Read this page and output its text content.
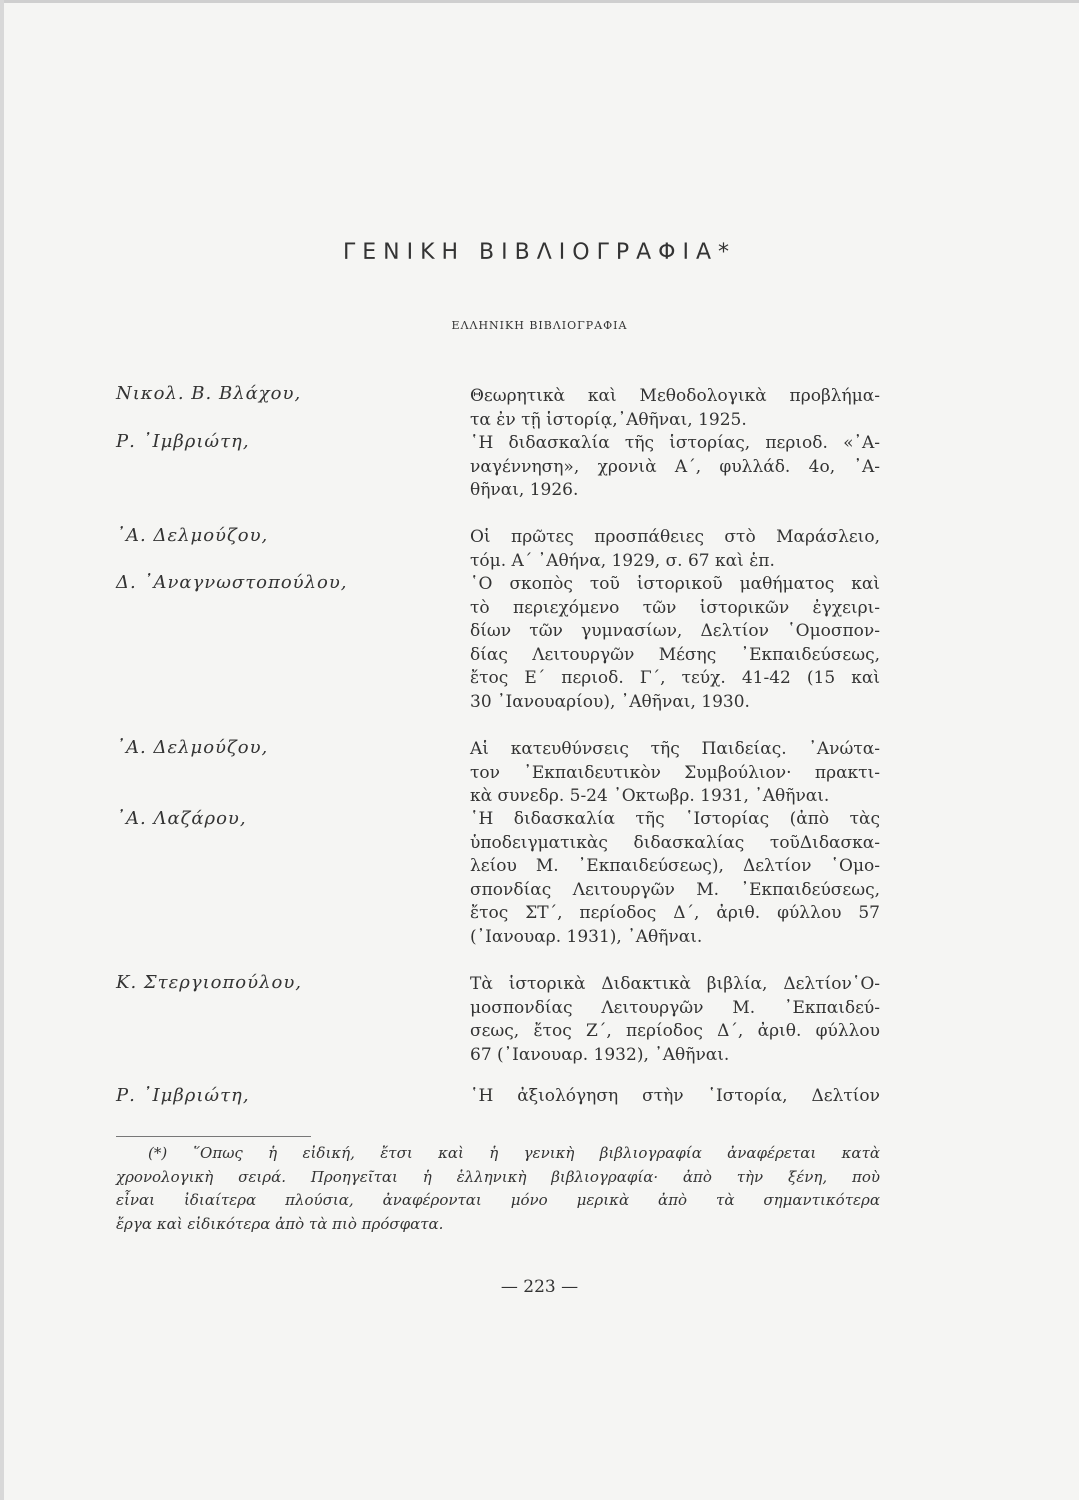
ΓΕΝΙΚΗ ΒΙΒΛΙΟΓΡΑΦΙΑ*
ΕΛΛΗΝΙΚΗ ΒΙΒΛΙΟΓΡΑΦΙΑ
Νικολ. Β. Βλάχου,
Ρ. ᾿Ιμβριώτη,
᾿Α. Δελμούζου,
Δ. ᾿Αναγνωστοπούλου,
᾿Α. Δελμούζου,
᾿Α. Λαζάρου,
Κ. Στεργιοπούλου,
Ρ. ᾿Ιμβριώτη,
Θεωρητικὰ καὶ Μεθοδολογικὰ προβλήμα-
τα ἐν τῇ ἱστορίᾳ,᾿Αθῆναι, 1925.
῾Η διδασκαλία τῆς ἱστορίας, περιοδ. «᾿Α-
ναγέννηση», χρονιὰ Α΄, φυλλάδ. 4ο, ᾿Α-
θῆναι, 1926.
Οἱ πρῶτες προσπάθειες στὸ Μαράσλειο,
τόμ. Α΄ ᾿Αθήνα, 1929, σ. 67 καὶ ἑπ.
῾Ο σκοπὸς τοῦ ἱστορικοῦ μαθήματος καὶ
τὸ περιεχόμενο τῶν ἱστορικῶν ἐγχειρι-
δίων τῶν γυμνασίων, Δελτίον ῾Ομοσπον-
δίας Λειτουργῶν Μέσης ᾿Εκπαιδεύσεως,
ἔτος Ε΄ περιοδ. Γ΄, τεύχ. 41-42 (15 καὶ
30 ᾿Ιανουαρίου), ᾿Αθῆναι, 1930.
Αἱ κατευθύνσεις τῆς Παιδείας. ᾿Ανώτα-
τον ᾿Εκπαιδευτικὸν Συμβούλιον· πρακτι-
κὰ συνεδρ. 5-24 ᾿Οκτωβρ. 1931, ᾿Αθῆναι.
῾Η διδασκαλία τῆς ῾Ιστορίας (ἀπὸ τὰς
ὑποδειγματικὰς διδασκαλίας τοῦΔιδασκα-
λείου Μ. ᾿Εκπαιδεύσεως), Δελτίον ῾Ομο-
σπονδίας Λειτουργῶν Μ. ᾿Εκπαιδεύσεως,
ἔτος ΣΤ΄, περίοδος Δ΄, ἀριθ. φύλλου 57
(᾿Ιανουαρ. 1931), ᾿Αθῆναι.
Τὰ ἱστορικὰ Διδακτικὰ βιβλία, Δελτίον῾Ο-
μοσπονδίας Λειτουργῶν Μ. ᾿Εκπαιδεύ-
σεως, ἔτος Ζ΄, περίοδος Δ΄, ἀριθ. φύλλου
67 (᾿Ιανουαρ. 1932), ᾿Αθῆναι.
῾Η ἀξιολόγηση στὴν ῾Ιστορία, Δελτίον
(*) ῞Οπως ἡ εἰδική, ἔτσι καὶ ἡ γενικὴ βιβλιογραφία ἀναφέρεται κατὰ
χρονολογικὴ σειρά. Προηγεῖται ἡ ἑλληνικὴ βιβλιογραφία· ἀπὸ τὴν ξένη, ποὺ
εἶναι ἰδιαίτερα πλούσια, ἀναφέρονται μόνο μερικὰ ἀπὸ τὰ σημαντικότερα
ἔργα καὶ εἰδικότερα ἀπὸ τὰ πιὸ πρόσφατα.
— 223 —
